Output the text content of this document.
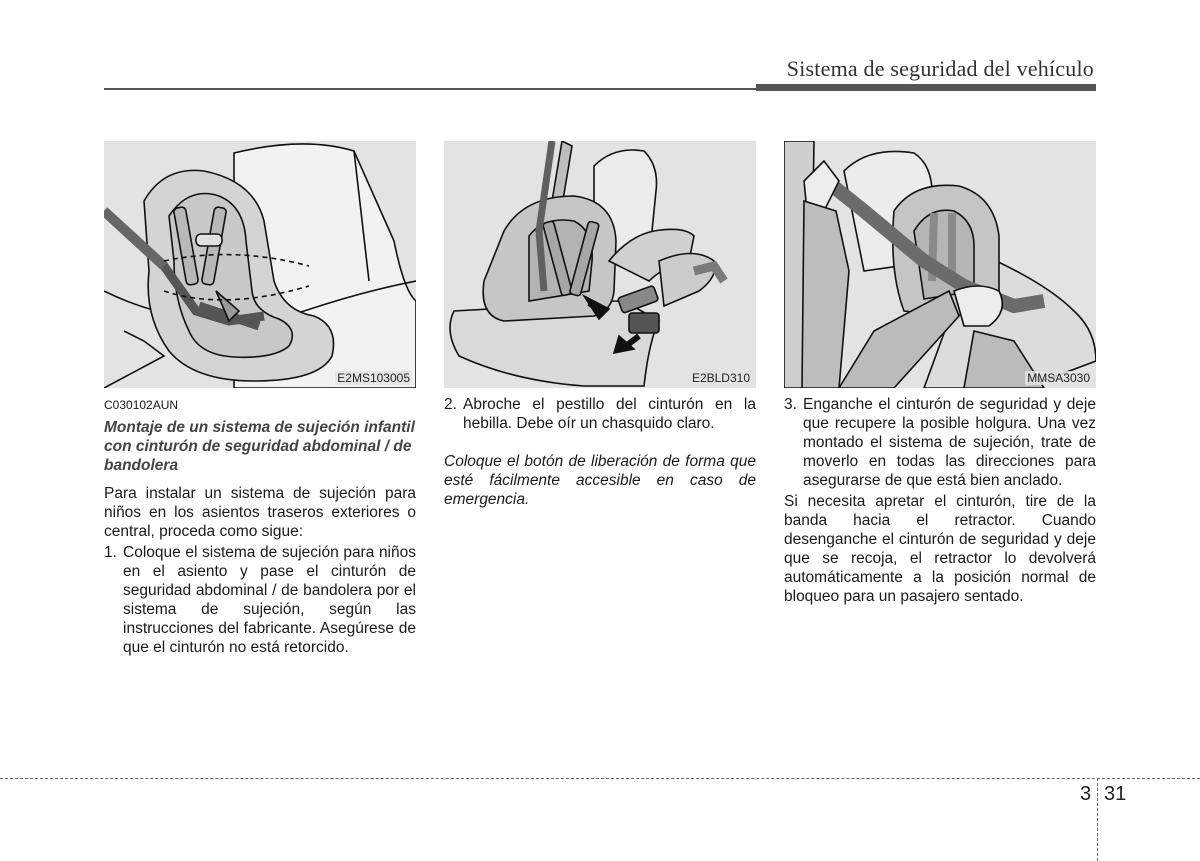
Sistema de seguridad del vehículo
E2MS103005	E2BLD310	MMSA3030

C030102AUN

Montaje de un sistema de sujeción infantil con cinturón de seguridad abdominal / de bandolera

Para instalar un sistema de sujeción para niños en los asientos traseros exteriores o central, proceda como sigue:

1. Coloque el sistema de sujeción para niños en el asiento y pase el cinturón de seguridad abdominal / de bandolera por el sistema de sujeción, según las instrucciones del fabricante. Asegúrese de que el cinturón no está retorcido.
2. Abroche el pestillo del cinturón en la hebilla. Debe oír un chasquido claro.

Coloque el botón de liberación de forma que esté fácilmente accesible en caso de emergencia.

3. Enganche el cinturón de seguridad y deje que recupere la posible holgura. Una vez montado el sistema de sujeción, trate de moverlo en todas las direcciones para asegurarse de que está bien anclado.

Si necesita apretar el cinturón, tire de la banda hacia el retractor. Cuando desenganche el cinturón de seguridad y deje que se recoja, el retractor lo devolverá automáticamente a la posición normal de bloqueo para un pasajero sentado.

3 31
